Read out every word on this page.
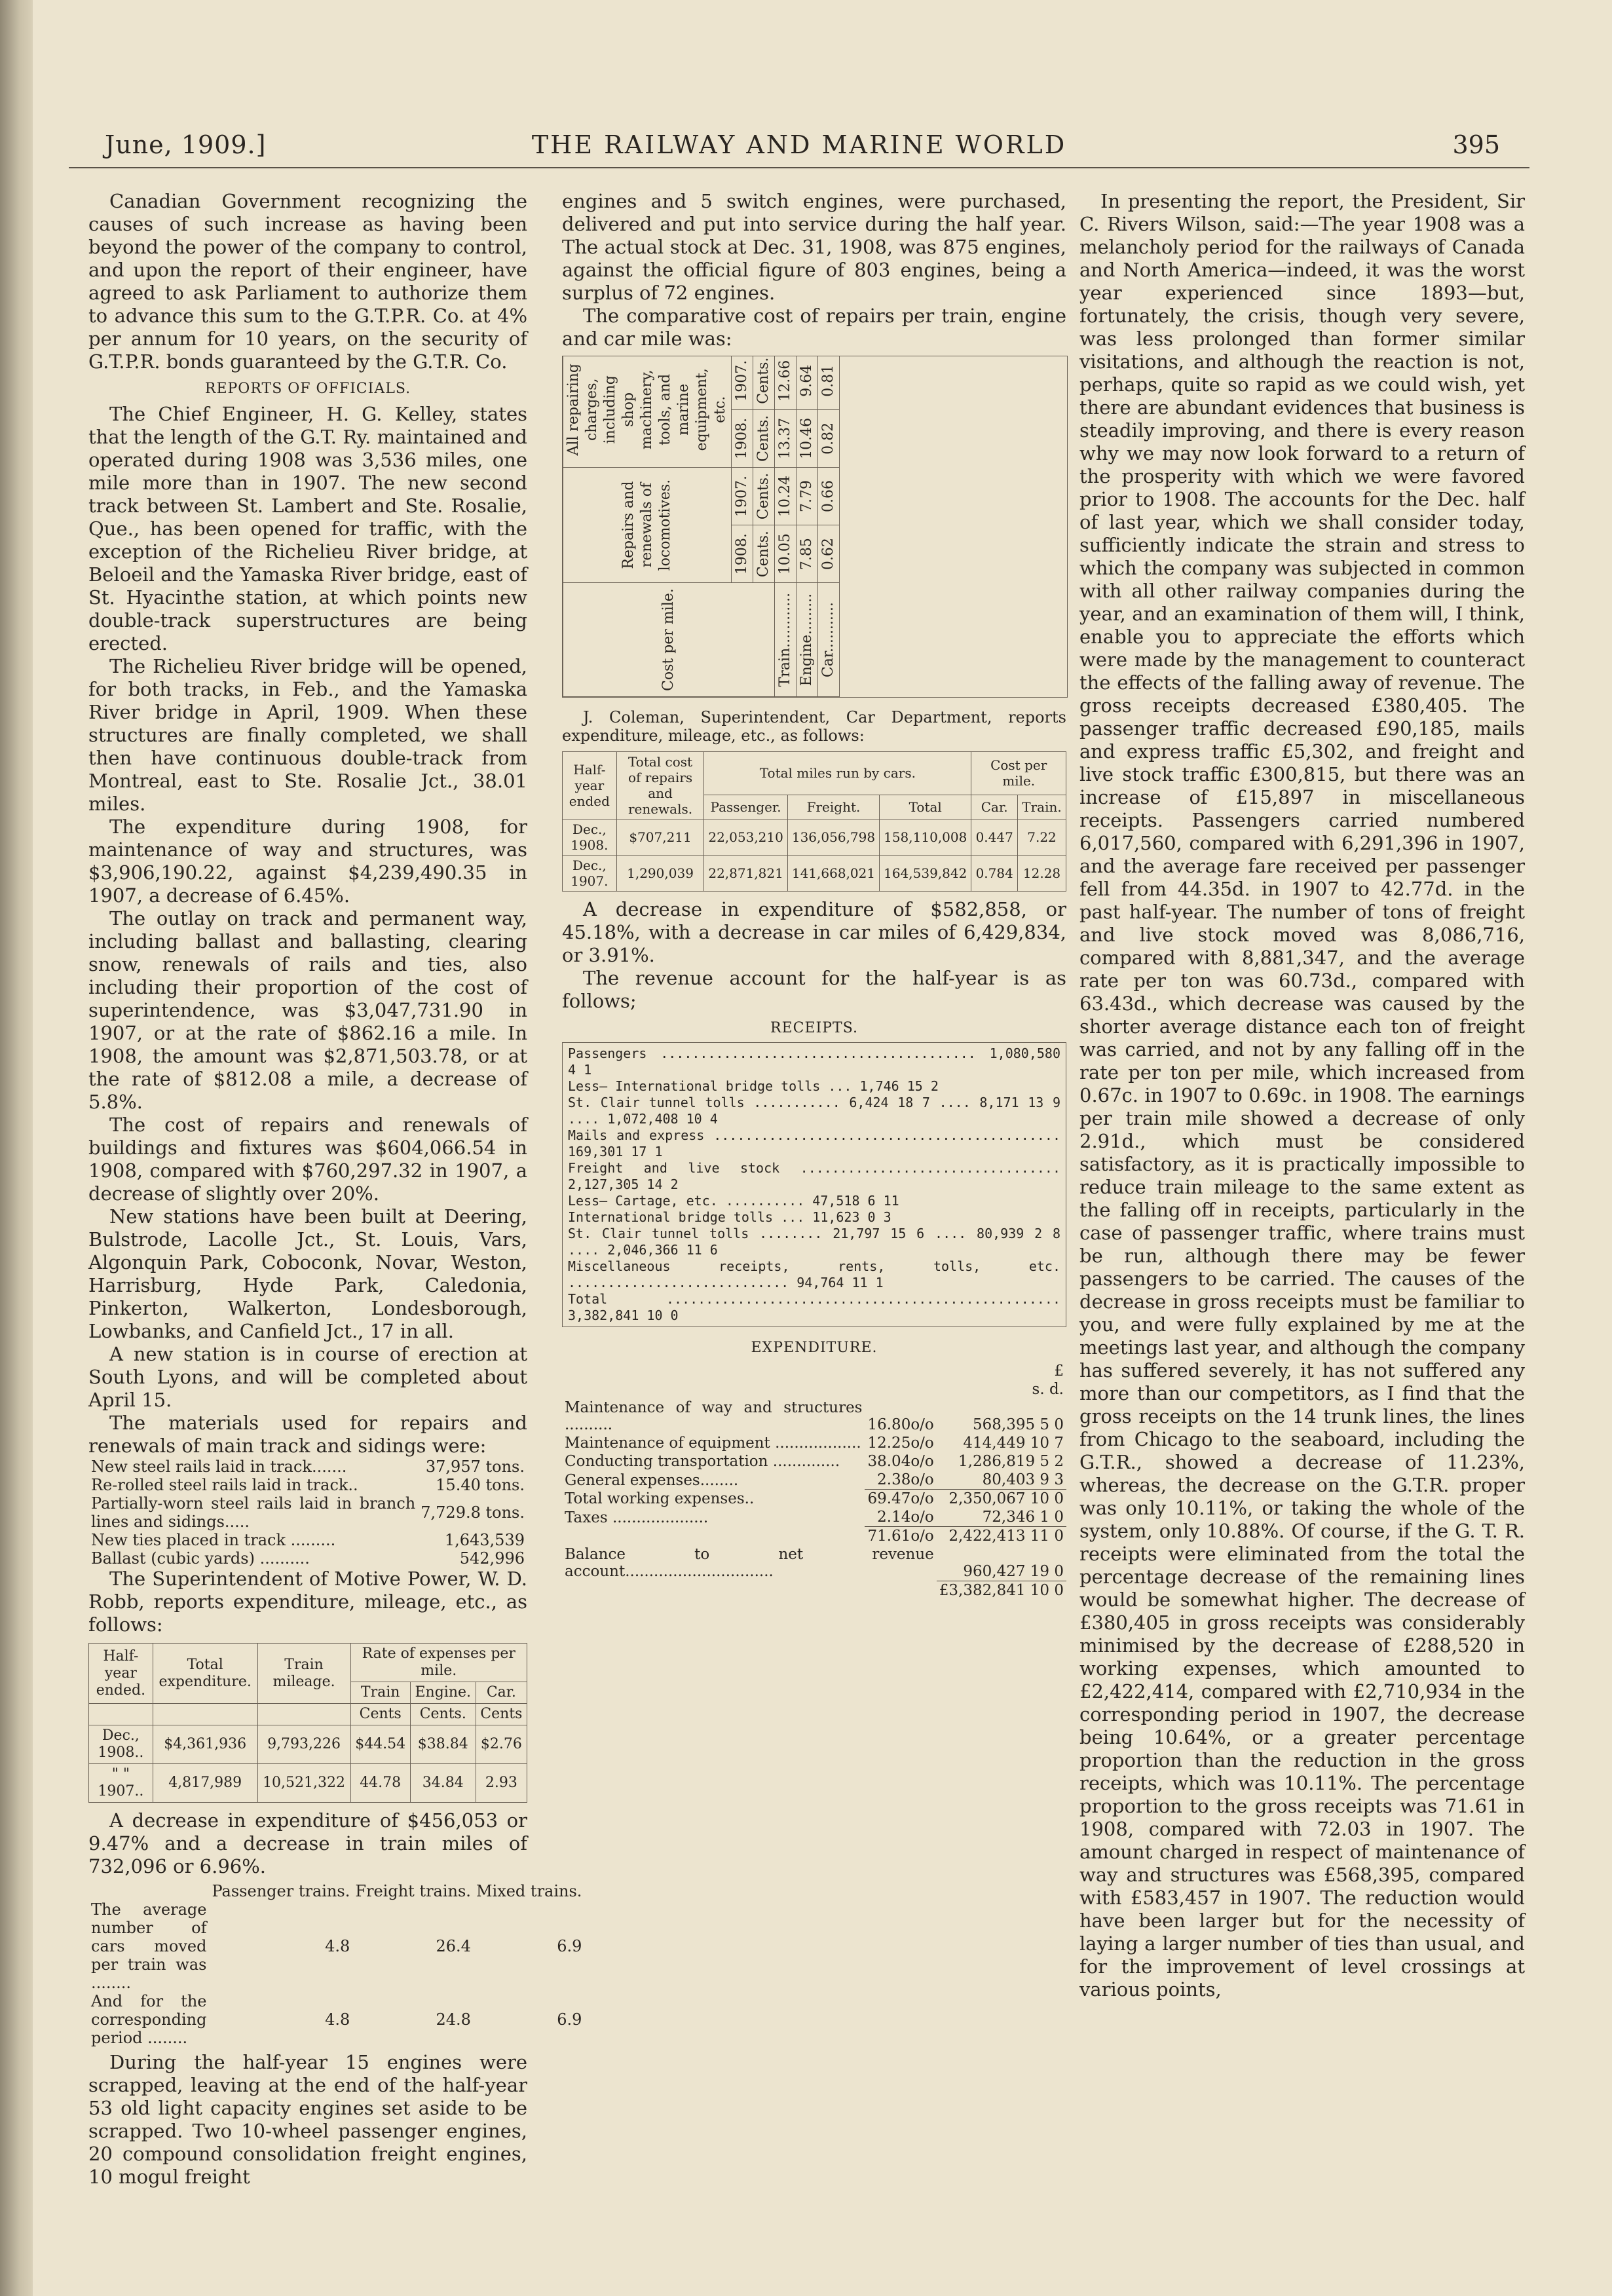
June, 1909.]	THE RAILWAY AND MARINE WORLD	395

Canadian Government recognizing the causes of such increase as having been beyond the power of the company to control, and upon the report of their engineer, have agreed to ask Parliament to authorize them to advance this sum to the G.T.P.R. Co. at 4% per annum for 10 years, on the security of G.T.P.R. bonds guaranteed by the G.T.R. Co.

REPORTS OF OFFICIALS.

The Chief Engineer, H. G. Kelley, states that the length of the G.T. Ry. maintained and operated during 1908 was 3,536 miles, one mile more than in 1907. The new second track between St. Lambert and Ste. Rosalie, Que., has been opened for traffic, with the exception of the Richelieu River bridge, at Beloeil and the Yamaska River bridge, east of St. Hyacinthe station, at which points new double-track superstructures are being erected.

The Richelieu River bridge will be opened, for both tracks, in Feb., and the Yamaska River bridge in April, 1909. When these structures are finally completed, we shall then have continuous double-track from Montreal, east to Ste. Rosalie Jct., 38.01 miles.

The expenditure during 1908, for maintenance of way and structures, was $3,906,190.22, against $4,239,490.35 in 1907, a decrease of 6.45%.

The outlay on track and permanent way, including ballast and ballasting, clearing snow, renewals of rails and ties, also including their proportion of the cost of superintendence, was $3,047,731.90 in 1907, or at the rate of $862.16 a mile. In 1908, the amount was $2,871,503.78, or at the rate of $812.08 a mile, a decrease of 5.8%.

The cost of repairs and renewals of buildings and fixtures was $604,066.54 in 1908, compared with $760,297.32 in 1907, a decrease of slightly over 20%.

New stations have been built at Deering, Bulstrode, Lacolle Jct., St. Louis, Vars, Algonquin Park, Coboconk, Novar, Weston, Harrisburg, Hyde Park, Caledonia, Pinkerton, Walkerton, Londesborough, Lowbanks, and Canfield Jct., 17 in all.

A new station is in course of erection at South Lyons, and will be completed about April 15.

The materials used for repairs and renewals of main track and sidings were:

New steel rails laid in track.......	37,957 tons.
Re-rolled steel rails laid in track..	15.40 tons.
Partially-worn steel rails laid in branch lines and sidings.....	7,729.8 tons.
New ties placed in track .........	1,643,539
Ballast (cubic yards) ..........	542,996

The Superintendent of Motive Power, W. D. Robb, reports expenditure, mileage, etc., as follows:

Half-year ended.	Total expenditure.	Train mileage.	Rate of expenses per mile.		
			Train	Engine.	Car.
			Cents	Cents.	Cents
Dec., 1908..	$4,361,936	9,793,226	$44.54	$38.84	$2.76
" " 1907..	4,817,989	10,521,322	44.78	34.84	2.93

A decrease in expenditure of $456,053 or 9.47% and a decrease in train miles of 732,096 or 6.96%.

	Passenger trains.	Freight trains.	Mixed trains.
The average number of cars moved per train was ........	4.8	26.4	6.9
And for the corresponding period ........	4.8	24.8	6.9

During the half-year 15 engines were scrapped, leaving at the end of the half-year 53 old light capacity engines set aside to be scrapped. Two 10-wheel passenger engines, 20 compound consolidation freight engines, 10 mogul freight

engines and 5 switch engines, were purchased, delivered and put into service during the half year. The actual stock at Dec. 31, 1908, was 875 engines, against the official figure of 803 engines, being a surplus of 72 engines.

The comparative cost of repairs per train, engine and car mile was:

Cost per mile.	Repairs and renewals of locomotives.		All repairing charges, including shop machinery, tools, and marine equipment, etc.	
	1908.	1907.	1908.	1907.
	Cents.	Cents.	Cents.	Cents.
Train............	10.05	10.24	13.37	12.66
Engine.........	7.85	7.79	10.46	9.64
Car...........	0.62	0.66	0.82	0.81

J. Coleman, Superintendent, Car Department, reports expenditure, mileage, etc., as follows:

Half-year ended	Total cost of repairs and renewals.	Total miles run by cars.			Cost per mile.	
		Passenger.	Freight.	Total	Car.	Train.
Dec., 1908.	$707,211	22,053,210	136,056,798	158,110,008	0.447	7.22
Dec., 1907.	1,290,039	22,871,821	141,668,021	164,539,842	0.784	12.28

A decrease in expenditure of $582,858, or 45.18%, with a decrease in car miles of 6,429,834, or 3.91%.

The revenue account for the half-year is as follows;

RECEIPTS.
Passengers ........................................ 1,080,580 4 1
Less— International bridge tolls ... 1,746 15 2
St. Clair tunnel tolls ........... 6,424 18 7 .... 8,171 13 9 .... 1,072,408 10 4
Mails and express ............................................ 169,301 17 1
Freight and live stock ................................. 2,127,305 14 2
Less— Cartage, etc. .......... 47,518 6 11
International bridge tolls ... 11,623 0 3
St. Clair tunnel tolls ........ 21,797 15 6 .... 80,939 2 8 .... 2,046,366 11 6
Miscellaneous receipts, rents, tolls, etc. ............................ 94,764 11 1
Total .................................................. 3,382,841 10 0
EXPENDITURE.
		£
		s. d.
Maintenance of way and structures ..........	16.80o/o	568,395 5 0
Maintenance of equipment ..................	12.25o/o	414,449 10 7
Conducting transportation ..............	38.04o/o	1,286,819 5 2
General expenses........	2.38o/o	80,403 9 3
Total working expenses..	69.47o/o	2,350,067 10 0
Taxes ....................	2.14o/o	72,346 1 0
	71.61o/o	2,422,413 11 0
Balance to net revenue account...............................		960,427 19 0
		£3,382,841 10 0

In presenting the report, the President, Sir C. Rivers Wilson, said:—The year 1908 was a melancholy period for the railways of Canada and North America—indeed, it was the worst year experienced since 1893—but, fortunately, the crisis, though very severe, was less prolonged than former similar visitations, and although the reaction is not, perhaps, quite so rapid as we could wish, yet there are abundant evidences that business is steadily improving, and there is every reason why we may now look forward to a return of the prosperity with which we were favored prior to 1908. The accounts for the Dec. half of last year, which we shall consider today, sufficiently indicate the strain and stress to which the company was subjected in common with all other railway companies during the year, and an examination of them will, I think, enable you to appreciate the efforts which were made by the management to counteract the effects of the falling away of revenue. The gross receipts decreased £380,405. The passenger traffic decreased £90,185, mails and express traffic £5,302, and freight and live stock traffic £300,815, but there was an increase of £15,897 in miscellaneous receipts. Passengers carried numbered 6,017,560, compared with 6,291,396 in 1907, and the average fare received per passenger fell from 44.35d. in 1907 to 42.77d. in the past half-year. The number of tons of freight and live stock moved was 8,086,716, compared with 8,881,347, and the average rate per ton was 60.73d., compared with 63.43d., which decrease was caused by the shorter average distance each ton of freight was carried, and not by any falling off in the rate per ton per mile, which increased from 0.67c. in 1907 to 0.69c. in 1908. The earnings per train mile showed a decrease of only 2.91d., which must be considered satisfactory, as it is practically impossible to reduce train mileage to the same extent as the falling off in receipts, particularly in the case of passenger traffic, where trains must be run, although there may be fewer passengers to be carried. The causes of the decrease in gross receipts must be familiar to you, and were fully explained by me at the meetings last year, and although the company has suffered severely, it has not suffered any more than our competitors, as I find that the gross receipts on the 14 trunk lines, the lines from Chicago to the seaboard, including the G.T.R., showed a decrease of 11.23%, whereas, the decrease on the G.T.R. proper was only 10.11%, or taking the whole of the system, only 10.88%. Of course, if the G. T. R. receipts were eliminated from the total the percentage decrease of the remaining lines would be somewhat higher. The decrease of £380,405 in gross receipts was considerably minimised by the decrease of £288,520 in working expenses, which amounted to £2,422,414, compared with £2,710,934 in the corresponding period in 1907, the decrease being 10.64%, or a greater percentage proportion than the reduction in the gross receipts, which was 10.11%. The percentage proportion to the gross receipts was 71.61 in 1908, compared with 72.03 in 1907. The amount charged in respect of maintenance of way and structures was £568,395, compared with £583,457 in 1907. The reduction would have been larger but for the necessity of laying a larger number of ties than usual, and for the improvement of level crossings at various points,
